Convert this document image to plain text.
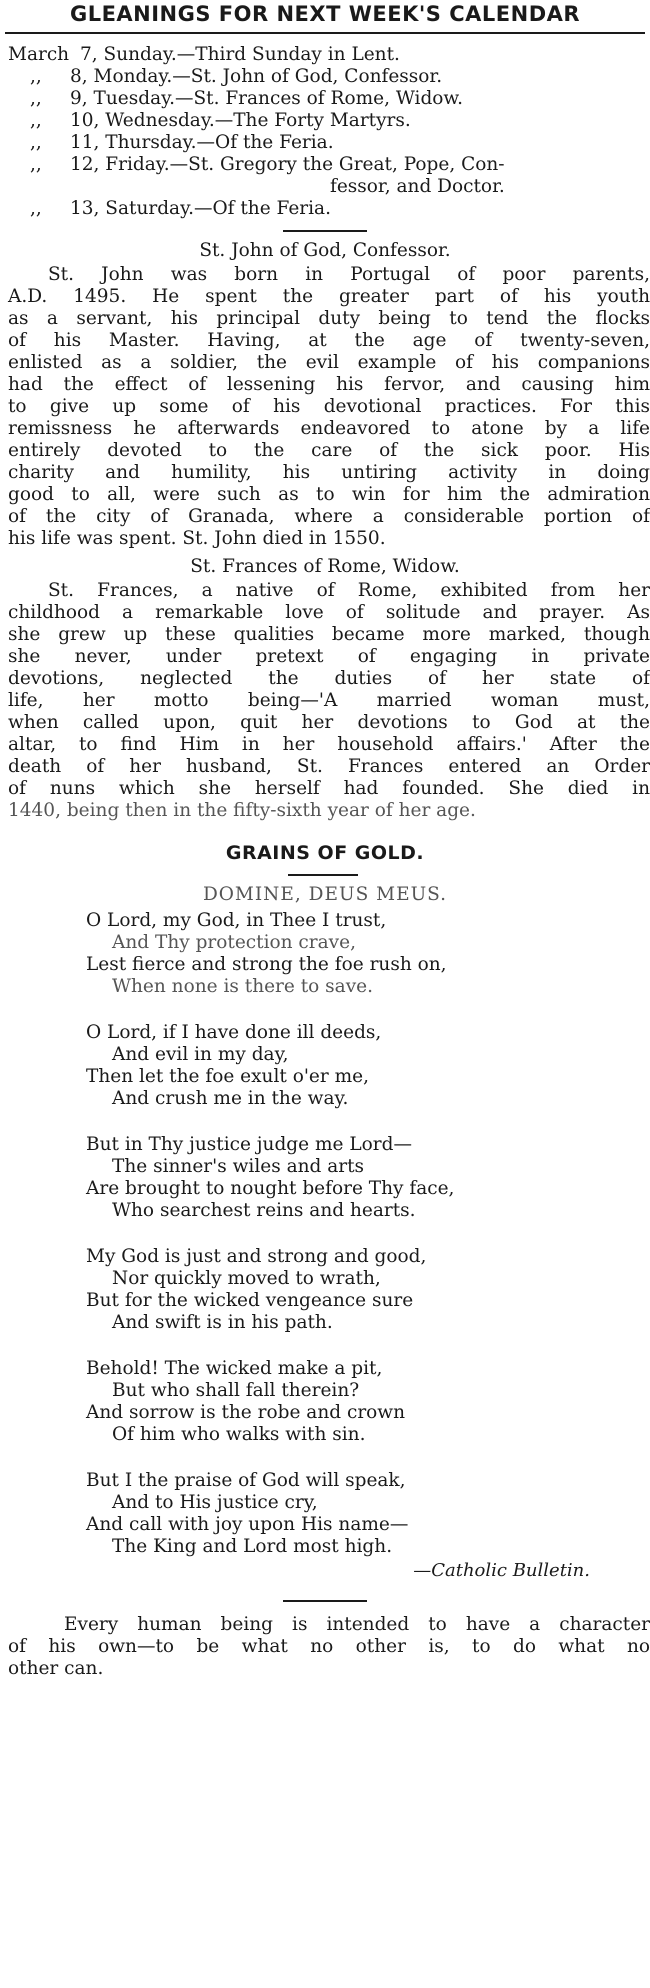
GLEANINGS FOR NEXT WEEK'S CALENDAR
March 7, Sunday.—Third Sunday in Lent.
,,	8, Monday.—St. John of God, Confessor.
,,	9, Tuesday.—St. Frances of Rome, Widow.
,,	10, Wednesday.—The Forty Martyrs.
,,	11, Thursday.—Of the Feria.
,,	12, Friday.—St. Gregory the Great, Pope, Con-
fessor, and Doctor.
,,	13, Saturday.—Of the Feria.
St. John of God, Confessor.
St. John was born in Portugal of poor parents,
A.D. 1495. He spent the greater part of his youth
as a servant, his principal duty being to tend the flocks
of his Master. Having, at the age of twenty-seven,
enlisted as a soldier, the evil example of his companions
had the effect of lessening his fervor, and causing him
to give up some of his devotional practices. For this
remissness he afterwards endeavored to atone by a life
entirely devoted to the care of the sick poor. His
charity and humility, his untiring activity in doing
good to all, were such as to win for him the admiration
of the city of Granada, where a considerable portion of
his life was spent. St. John died in 1550.
St. Frances of Rome, Widow.
St. Frances, a native of Rome, exhibited from her
childhood a remarkable love of solitude and prayer. As
she grew up these qualities became more marked, though
she never, under pretext of engaging in private
devotions, neglected the duties of her state of
life, her motto being—'A married woman must,
when called upon, quit her devotions to God at the
altar, to find Him in her household affairs.' After the
death of her husband, St. Frances entered an Order
of nuns which she herself had founded. She died in
1440, being then in the fifty-sixth year of her age.
GRAINS OF GOLD.
DOMINE, DEUS MEUS.
O Lord, my God, in Thee I trust,
And Thy protection crave,
Lest fierce and strong the foe rush on,
When none is there to save.
O Lord, if I have done ill deeds,
And evil in my day,
Then let the foe exult o'er me,
And crush me in the way.
But in Thy justice judge me Lord—
The sinner's wiles and arts
Are brought to nought before Thy face,
Who searchest reins and hearts.
My God is just and strong and good,
Nor quickly moved to wrath,
But for the wicked vengeance sure
And swift is in his path.
Behold! The wicked make a pit,
But who shall fall therein?
And sorrow is the robe and crown
Of him who walks with sin.
But I the praise of God will speak,
And to His justice cry,
And call with joy upon His name—
The King and Lord most high.
—Catholic Bulletin.
Every human being is intended to have a character
of his own—to be what no other is, to do what no
other can.
